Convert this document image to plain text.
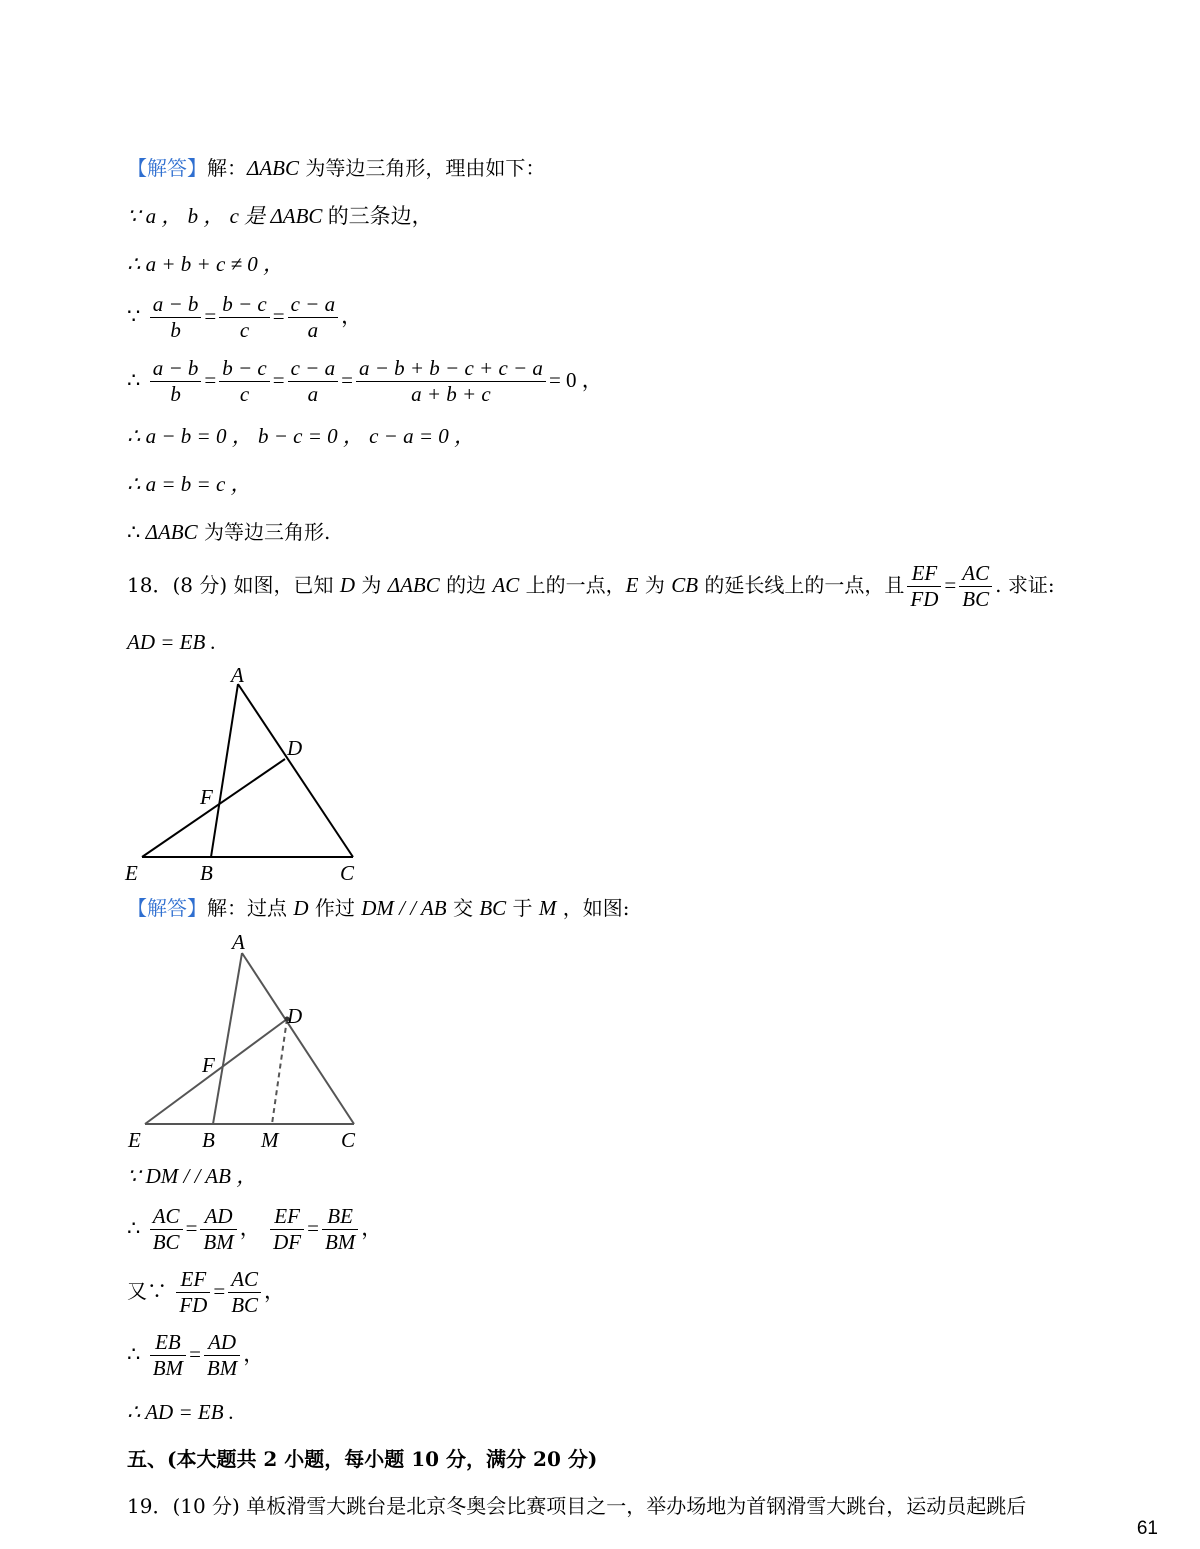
【解答】解：ΔABC 为等边三角形，理由如下：
∵ a ， b ， c 是 ΔABC 的三条边，
∴ a + b + c ≠ 0 ，
∵ $\frac{a - b}{b} = \frac{b - c}{c} = \frac{c - a}{a}$ ，
∴ $\frac{a - b}{b} = \frac{b - c}{c} = \frac{c - a}{a} = \frac{a - b + b - c + c - a}{a + b + c} = 0$ ，
∴ a − b = 0 ， b − c = 0 ， c − a = 0 ，
∴ a = b = c ，
∴ ΔABC 为等边三角形.
18．(8 分) 如图，已知 D 为 ΔABC 的边 AC 上的一点，E 为 CB 的延长线上的一点，且 $\frac{EF}{FD} = \frac{AC}{BC}$ . 求证:
AD = EB .
A
D
F
E	B	C
【解答】解：过点 D 作过 DM / / AB 交 BC 于 M ，如图:
A
D
F
E	B M	C
∵ DM / / AB ，
∴ $\frac{AC}{BC} = \frac{AD}{BM}$ ， $\frac{EF}{DF} = \frac{BE}{BM}$ ，
又∵ $\frac{EF}{FD} = \frac{AC}{BC}$ ，
∴ $\frac{EB}{BM} = \frac{AD}{BM}$ ，
∴ AD = EB .
五、(本大题共 2 小题，每小题 10 分，满分 20 分)
19．(10 分) 单板滑雪大跳台是北京冬奥会比赛项目之一，举办场地为首钢滑雪大跳台，运动员起跳后
61
